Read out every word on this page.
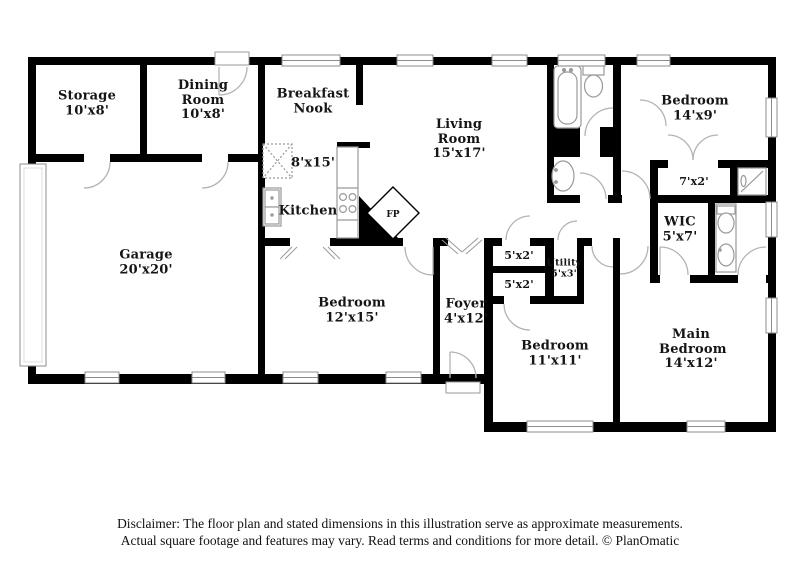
Storage
10'x8'
Dining Room
10'x8'
Breakfast Nook
Living Room
15'x17'
Bedroom
14'x9'
8'x15'
Kitchen
Garage
20'x20'
Bedroom
12'x15'
Foyer
4'x12'
5'x2'
5'x2'
Utility
5'x3'
7'x2'
WIC
5'x7'
Bedroom
11'x11'
Main Bedroom
14'x12'
FP
Disclaimer: The floor plan and stated dimensions in this illustration serve as approximate measurements.
Actual square footage and features may vary. Read terms and conditions for more detail. © PlanOmatic
